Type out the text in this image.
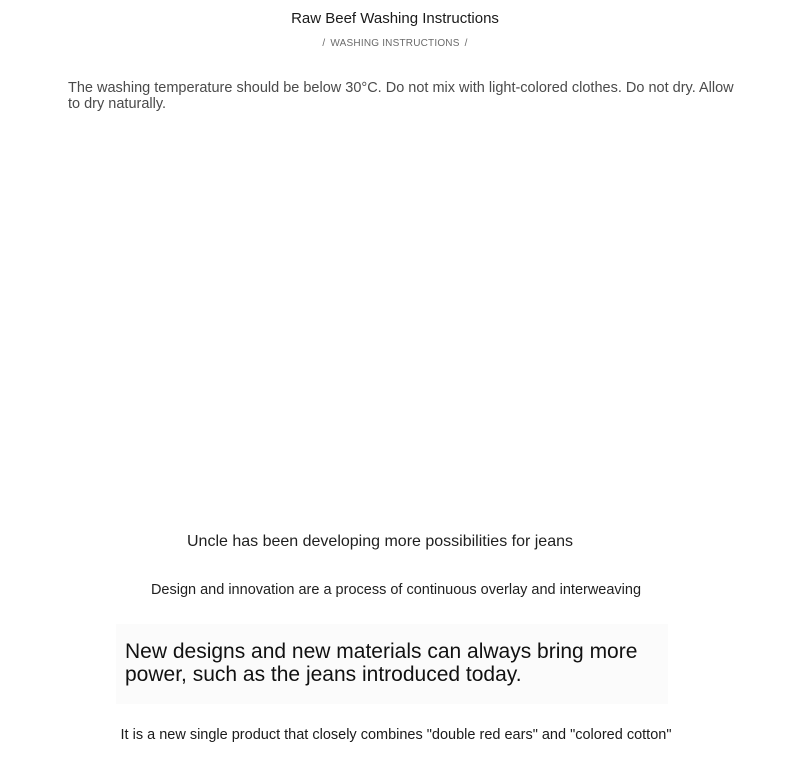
Raw Beef Washing Instructions
/ WASHING INSTRUCTIONS /
The washing temperature should be below 30°C. Do not mix with light-colored clothes. Do not dry. Allow to dry naturally.
Uncle has been developing more possibilities for jeans
Design and innovation are a process of continuous overlay and interweaving
New designs and new materials can always bring more power, such as the jeans introduced today.
It is a new single product that closely combines "double red ears" and "colored cotton"
